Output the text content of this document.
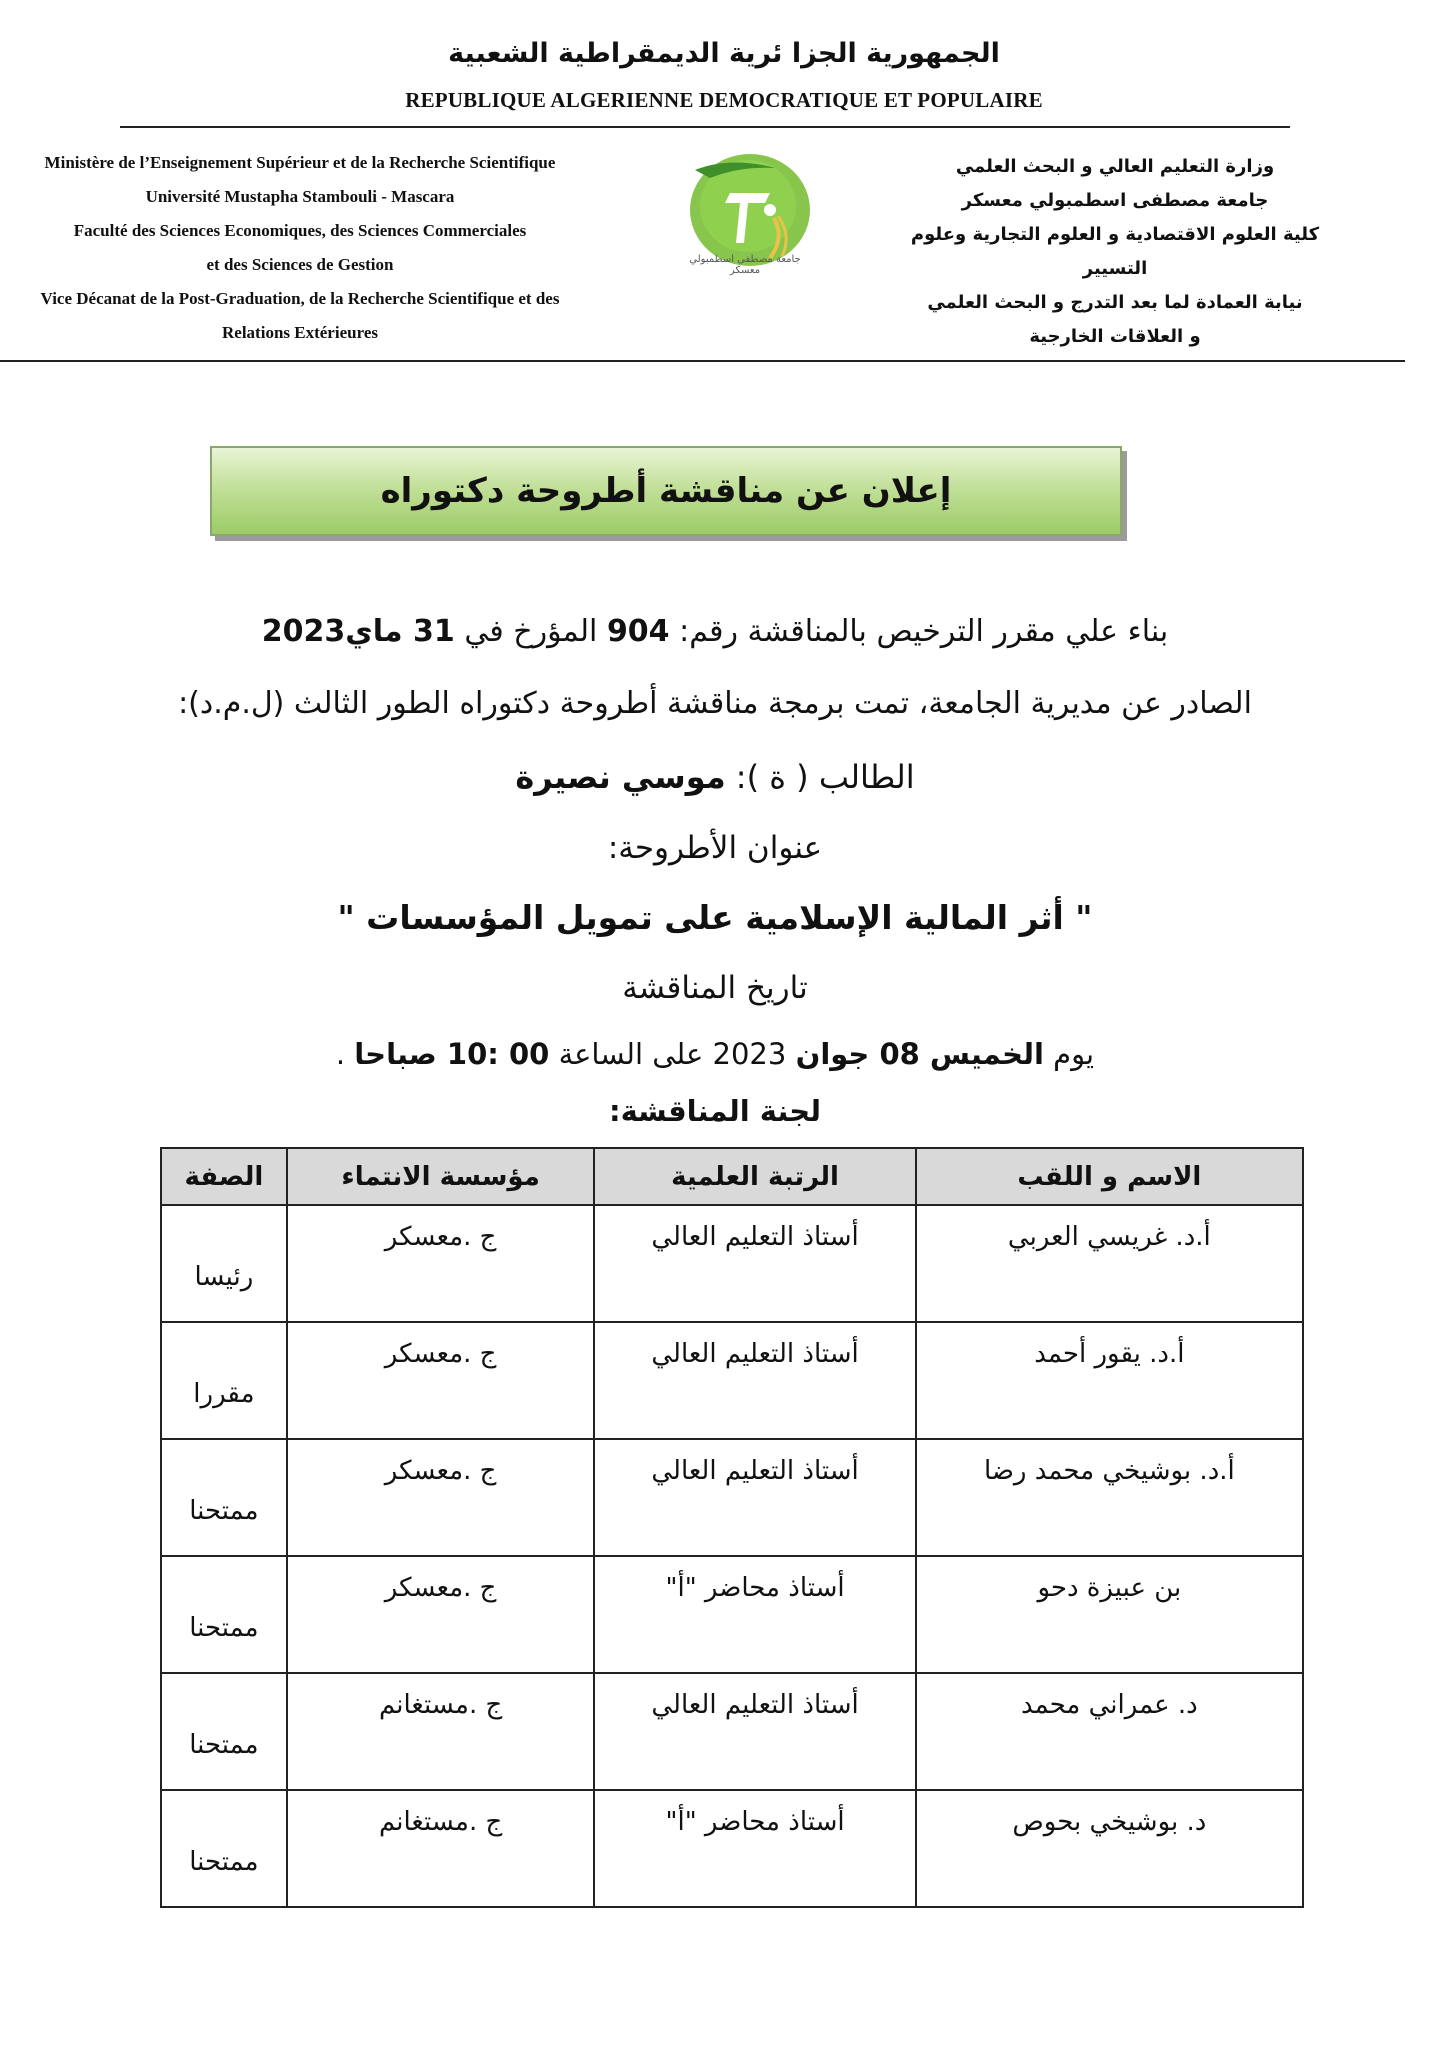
الجمهورية الجزا ئرية الديمقراطية الشعبية
REPUBLIQUE ALGERIENNE DEMOCRATIQUE ET POPULAIRE
Ministère de l’Enseignement Supérieur et de la Recherche Scientifique
Université Mustapha Stambouli - Mascara
Faculté des Sciences Economiques, des Sciences Commerciales
et des Sciences de Gestion
Vice Décanat de la Post-Graduation, de la Recherche Scientifique et des
Relations Extérieures
جامعة مصطفى اسطمبولي
معسكر
وزارة التعليم العالي و البحث العلمي
جامعة مصطفى اسطمبولي معسكر
كلية العلوم الاقتصادية و العلوم التجارية وعلوم التسيير
نيابة العمادة لما بعد التدرج و البحث العلمي
و العلاقات الخارجية
إعلان عن مناقشة أطروحة دكتوراه
بناء علي مقرر الترخيص بالمناقشة رقم: 904 المؤرخ في 31 ماي2023
الصادر عن مديرية الجامعة، تمت برمجة مناقشة أطروحة دكتوراه الطور الثالث (ل.م.د):
الطالب ( ة ): موسي نصيرة
عنوان الأطروحة:
" أثر المالية الإسلامية على تمويل المؤسسات "
تاريخ المناقشة
يوم الخميس 08 جوان 2023 على الساعة 00 :10 صباحا .
لجنة المناقشة:
الاسم و اللقب	الرتبة العلمية	مؤسسة الانتماء	الصفة
أ.د. غريسي العربي	أستاذ التعليم العالي	ج .معسكر	رئيسا
أ.د. يقور أحمد	أستاذ التعليم العالي	ج .معسكر	مقررا
أ.د. بوشيخي محمد رضا	أستاذ التعليم العالي	ج .معسكر	ممتحنا
بن عبيزة دحو	أستاذ محاضر "أ"	ج .معسكر	ممتحنا
د. عمراني محمد	أستاذ التعليم العالي	ج .مستغانم	ممتحنا
د. بوشيخي بحوص	أستاذ محاضر "أ"	ج .مستغانم	ممتحنا
